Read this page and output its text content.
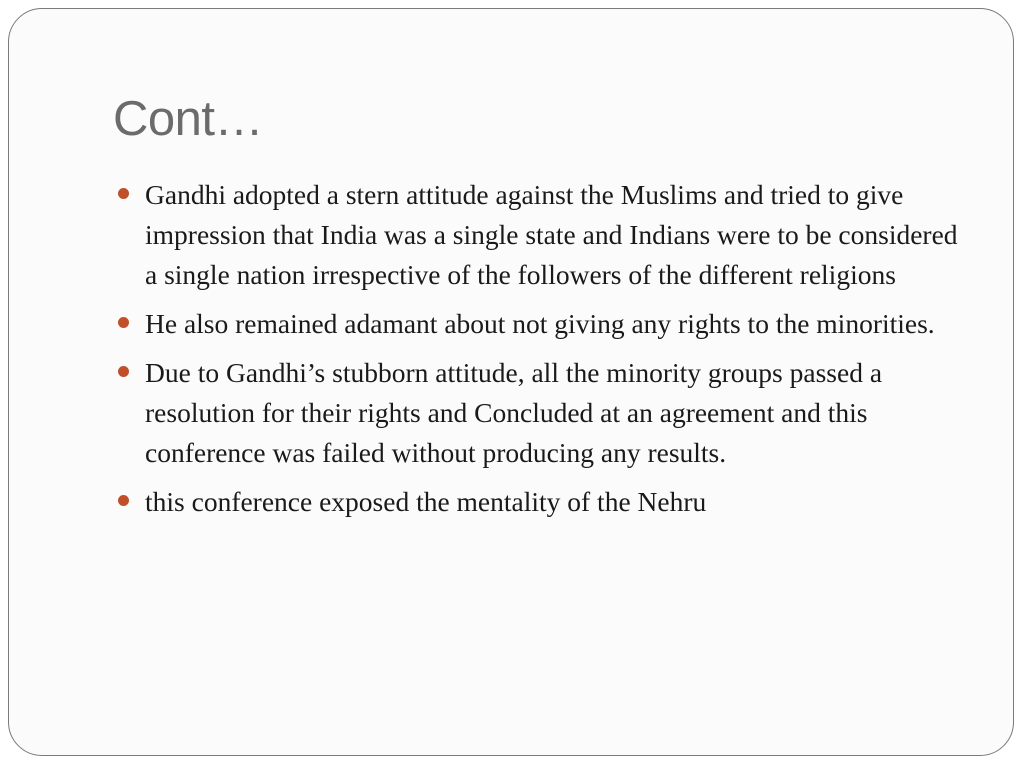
Cont…
Gandhi adopted a stern attitude against the Muslims and tried to give impression that India was a single state and Indians were to be considered a single nation irrespective of the followers of the different religions
He also remained adamant about not giving any rights to the minorities.
Due to Gandhi’s stubborn attitude, all the minority groups passed a resolution for their rights and Concluded at an agreement and this conference was failed without producing any results.
this conference exposed the mentality of the Nehru
